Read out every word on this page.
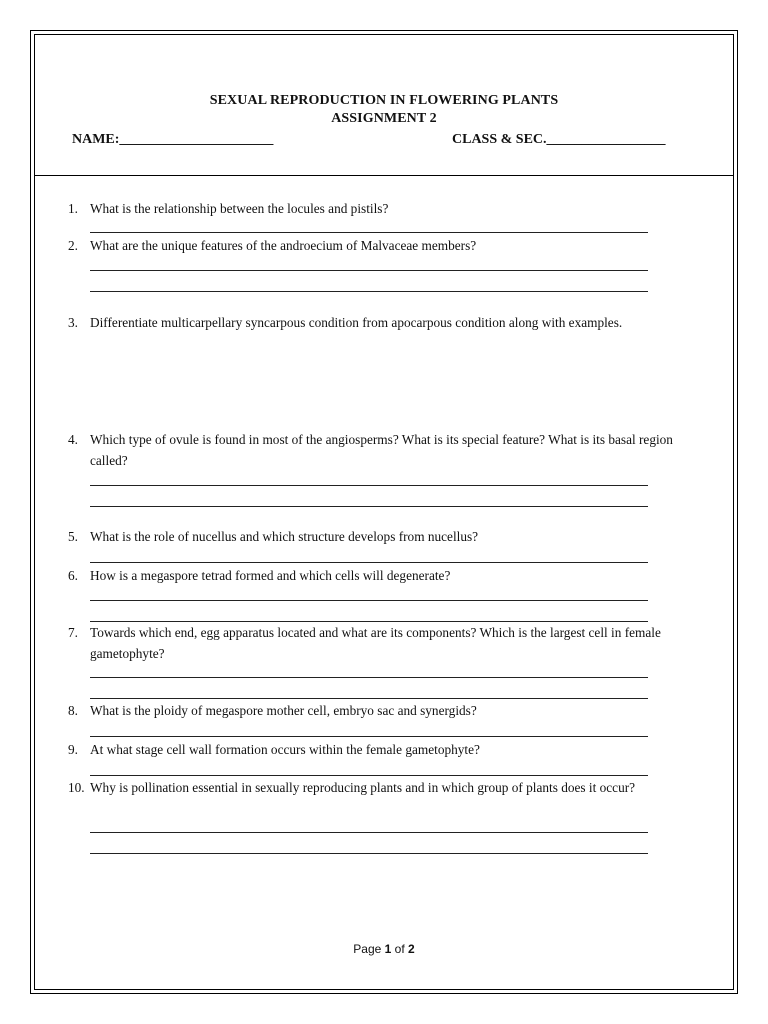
SEXUAL REPRODUCTION IN FLOWERING PLANTS
ASSIGNMENT 2
NAME:______________________	CLASS & SEC._________________
1. What is the relationship between the locules and pistils?
2. What are the unique features of the androecium of Malvaceae members?
3. Differentiate multicarpellary syncarpous condition from apocarpous condition along with examples.
4. Which type of ovule is found in most of the angiosperms? What is its special feature? What is its basal region called?
5. What is the role of nucellus and which structure develops from nucellus?
6. How is a megaspore tetrad formed and which cells will degenerate?
7. Towards which end, egg apparatus located and what are its components? Which is the largest cell in female gametophyte?
8. What is the ploidy of megaspore mother cell, embryo sac and synergids?
9. At what stage cell wall formation occurs within the female gametophyte?
10. Why is pollination essential in sexually reproducing plants and in which group of plants does it occur?
Page 1 of 2
